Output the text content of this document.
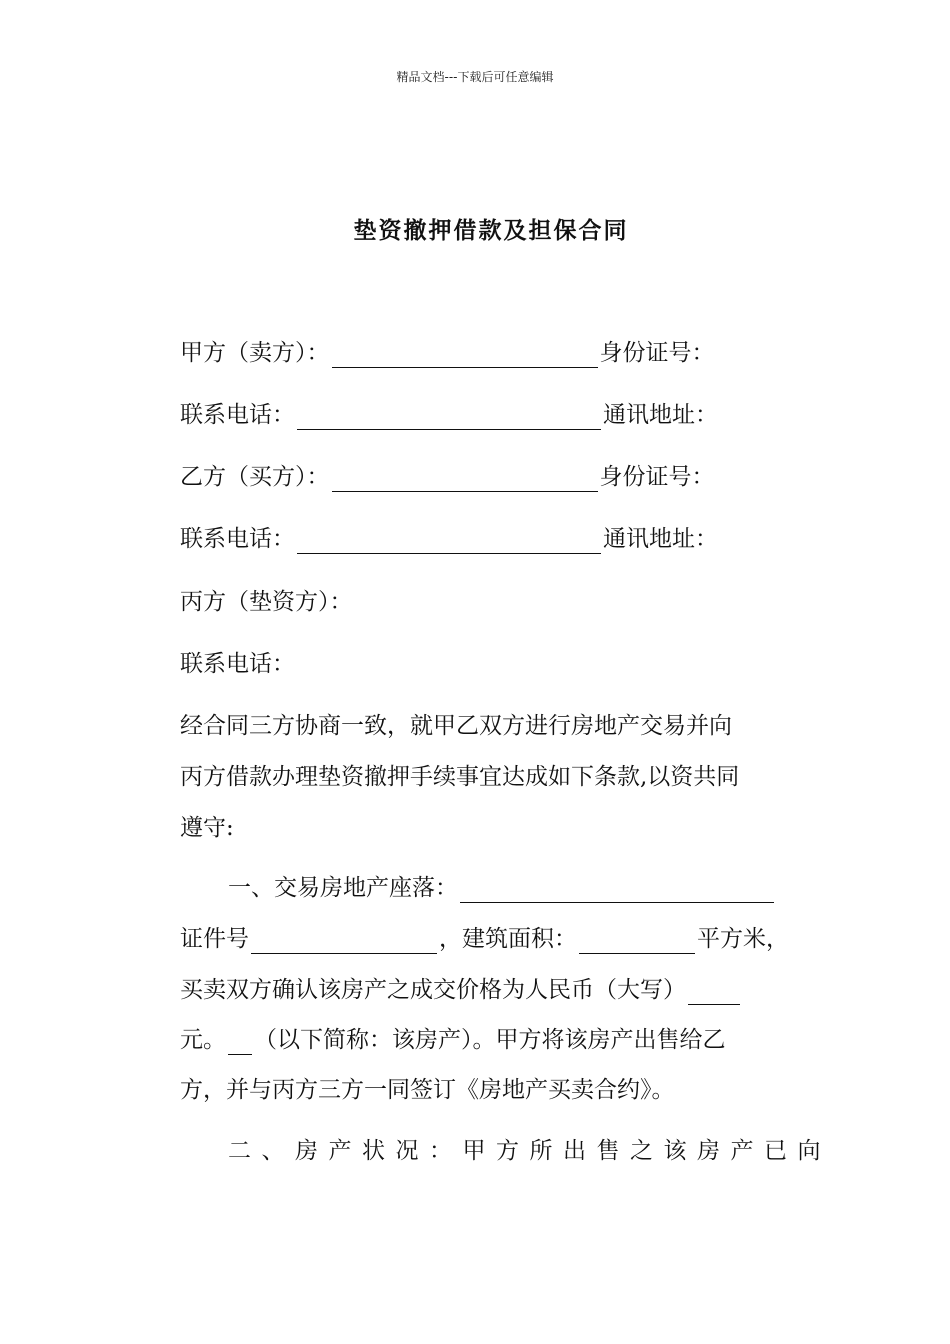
精品文档---下载后可任意编辑
垫资撤押借款及担保合同
甲方（卖方）：	身份证号：
联系电话：	通讯地址：
乙方（买方）：	身份证号：
联系电话：	通讯地址：
丙方（垫资方）：
联系电话：
经合同三方协商一致，就甲乙双方进行房地产交易并向
丙方借款办理垫资撤押手续事宜达成如下条款,以资共同
遵守:
一、交易房地产座落：
证件号	，建筑面积：	平方米，
买卖双方确认该房产之成交价格为人民币（大写）
元。 （以下简称：该房产）。甲方将该房产出售给乙
方，并与丙方三方一同签订《房地产买卖合约》。
二、房产状况：甲方所出售之该房产已向
